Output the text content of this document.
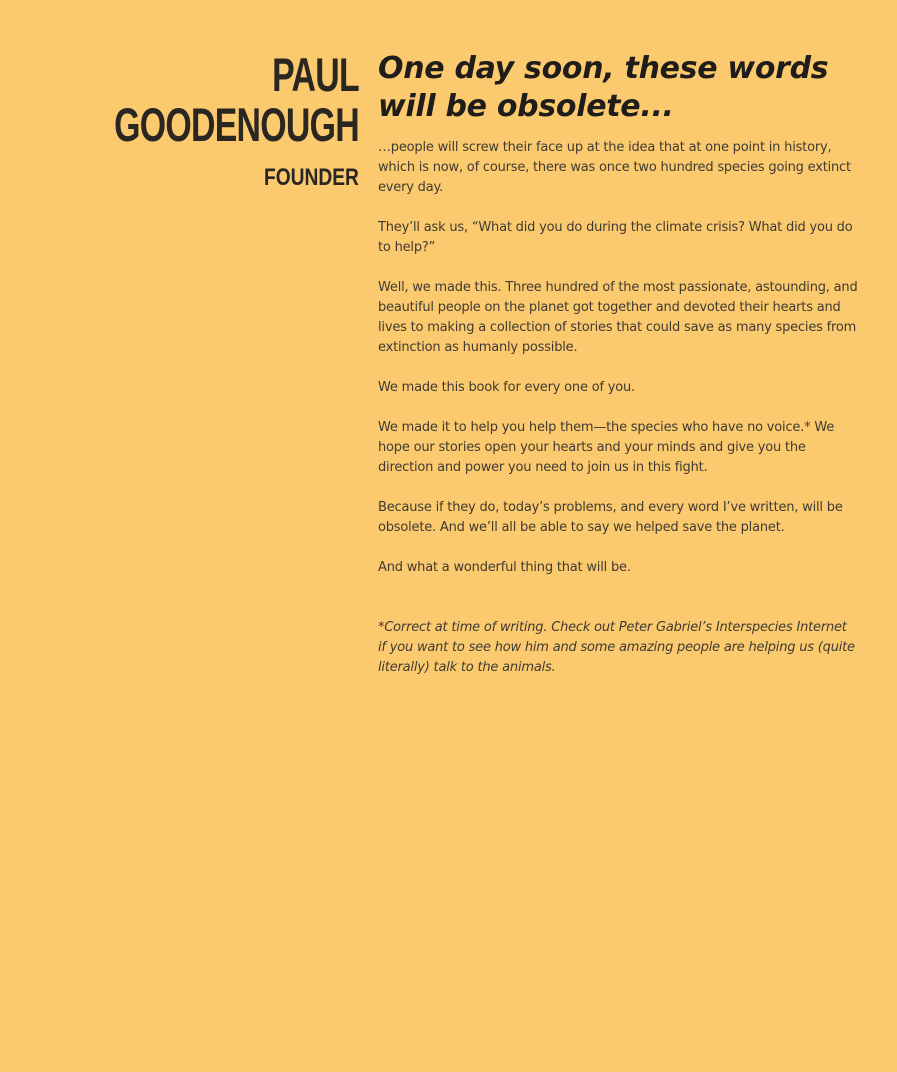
PAUL
GOODENOUGH
FOUNDER
One day soon, these words
will be obsolete...

…people will screw their face up at the idea that at one point in history, which is now, of course, there was once two hundred species going extinct every day.

They’ll ask us, “What did you do during the climate crisis? What did you do to help?”

Well, we made this. Three hundred of the most passionate, astounding, and beautiful people on the planet got together and devoted their hearts and lives to making a collection of stories that could save as many species from extinction as humanly possible.

We made this book for every one of you.

We made it to help you help them—the species who have no voice.* We hope our stories open your hearts and your minds and give you the direction and power you need to join us in this fight.

Because if they do, today’s problems, and every word I’ve written, will be obsolete. And we’ll all be able to say we helped save the planet.

And what a wonderful thing that will be.

*Correct at time of writing. Check out Peter Gabriel’s Interspecies Internet if you want to see how him and some amazing people are helping us (quite literally) talk to the animals.
